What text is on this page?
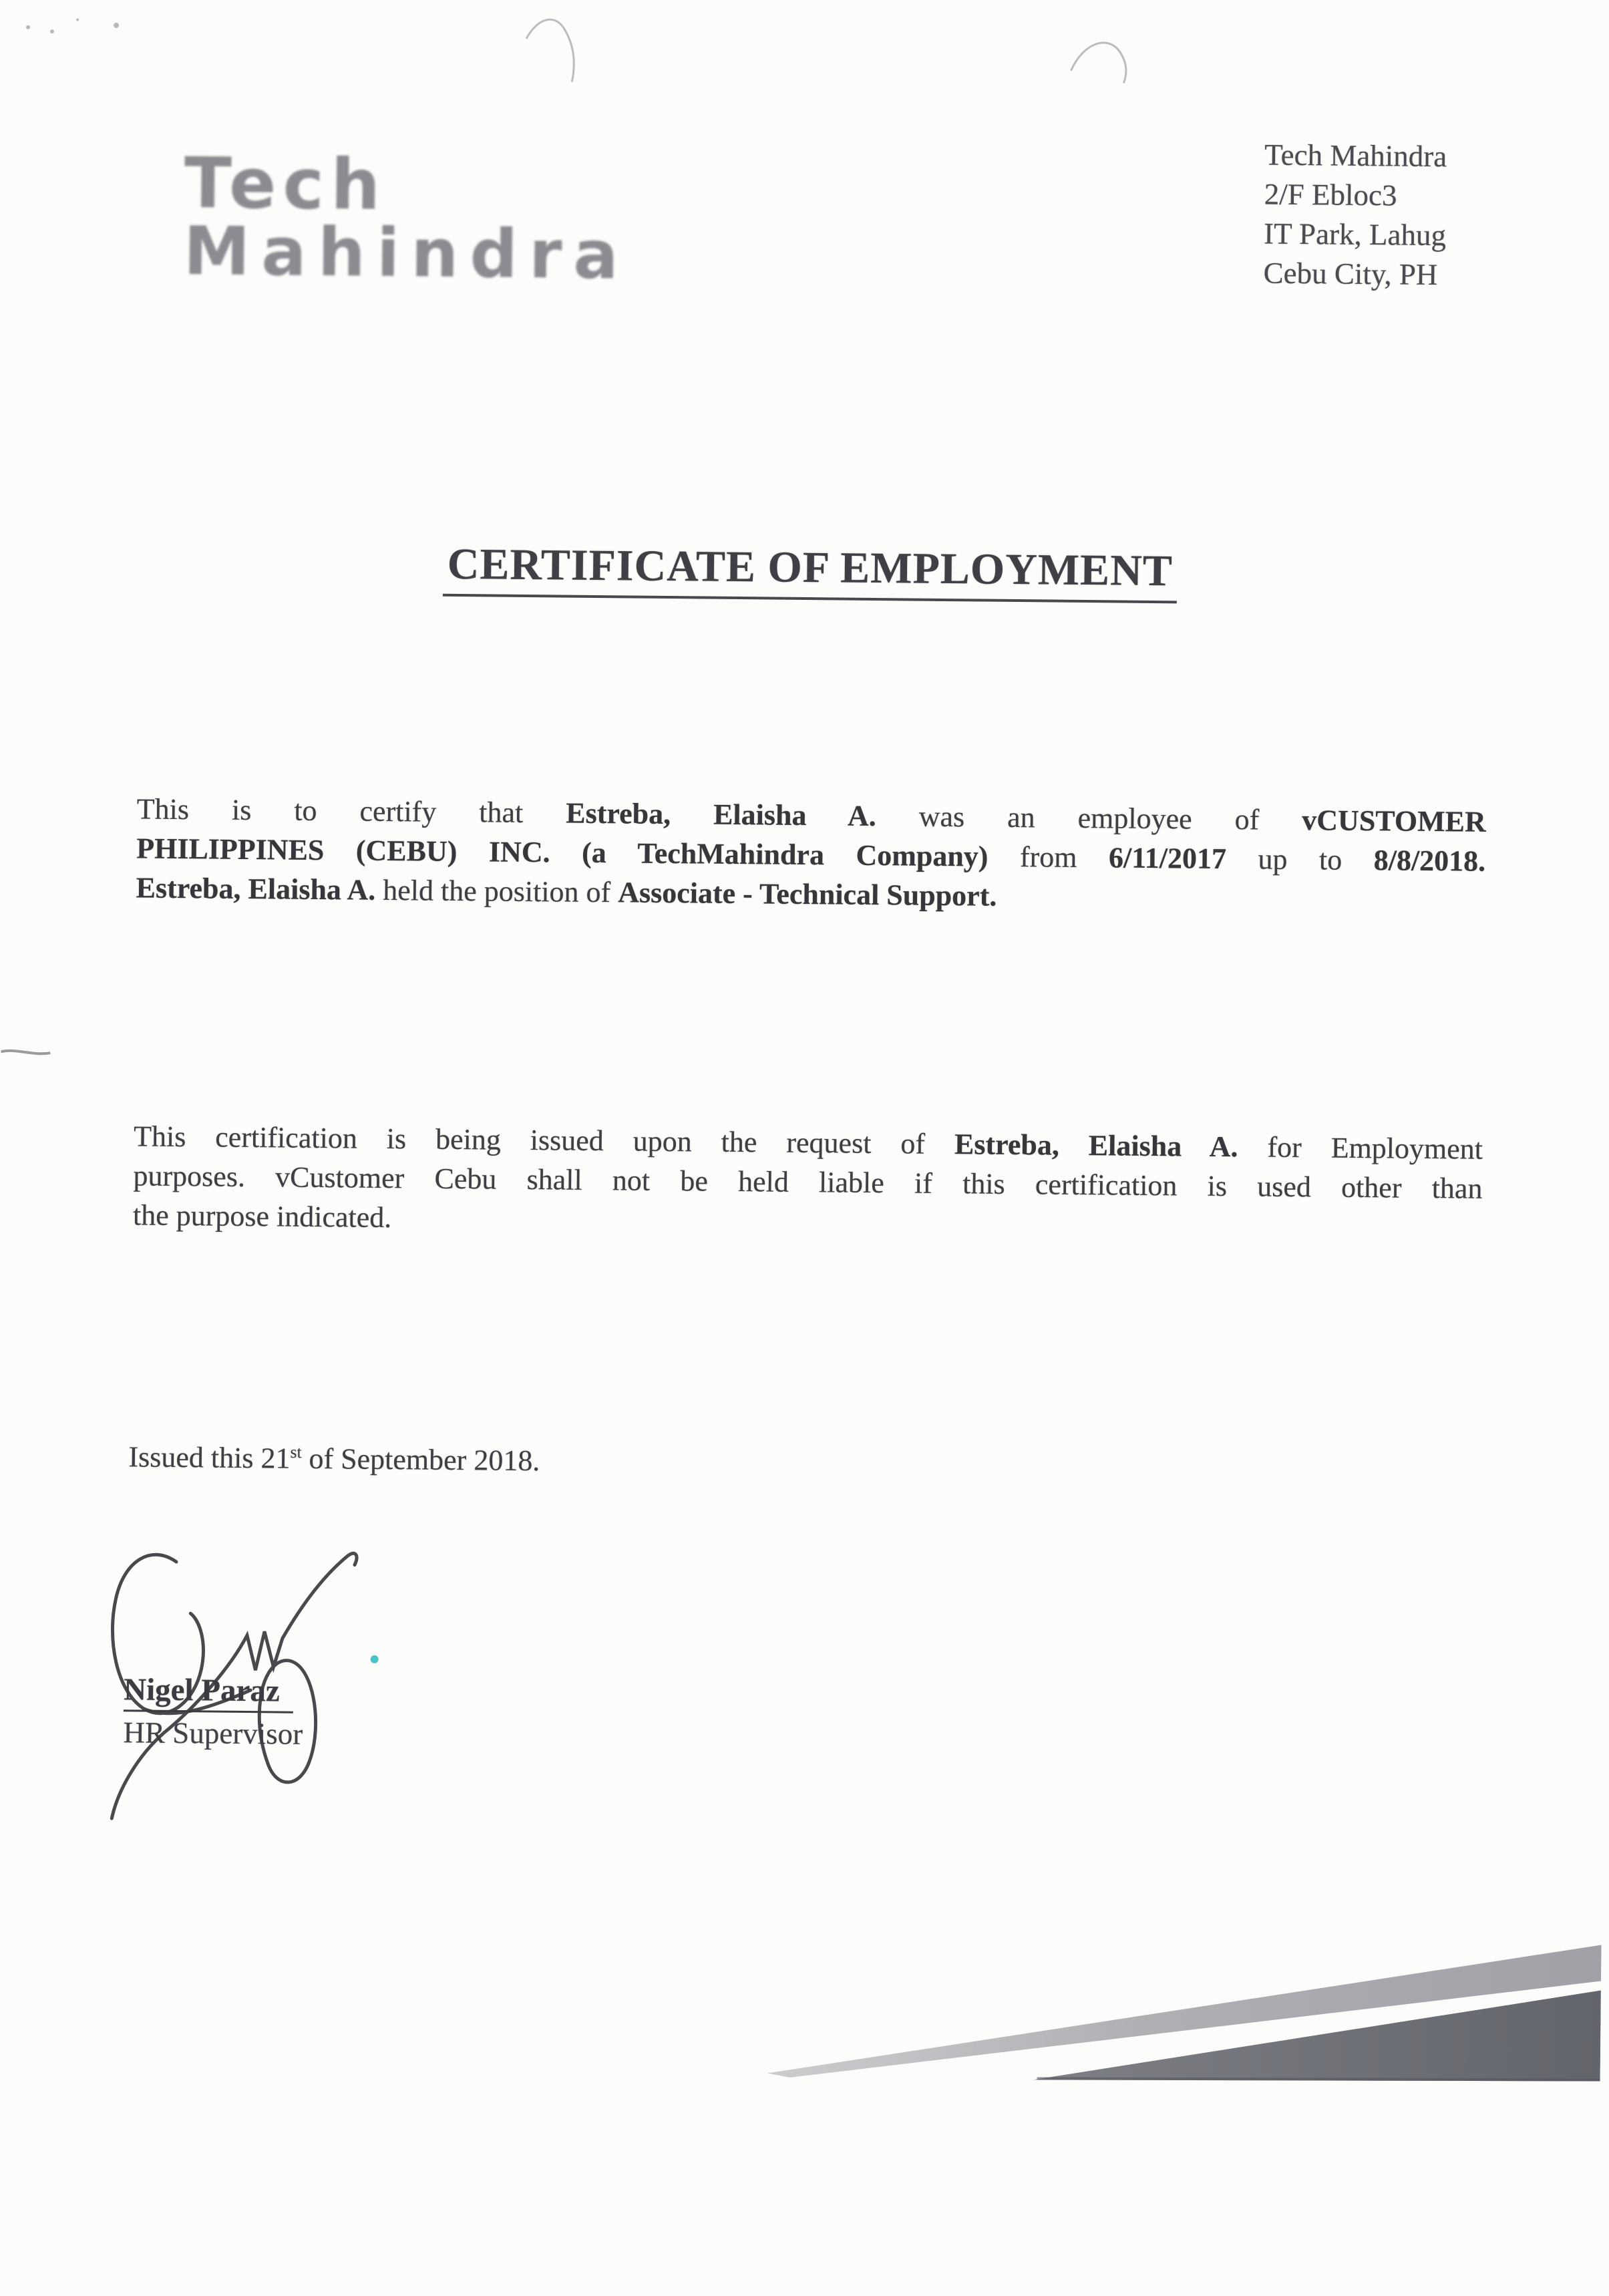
Tech
Mahindra
Tech Mahindra
2/F Ebloc3
IT Park, Lahug
Cebu City, PH
CERTIFICATE OF EMPLOYMENT
This is to certify that Estreba, Elaisha A. was an employee of vCUSTOMER
PHILIPPINES (CEBU) INC. (a TechMahindra Company) from 6/11/2017 up to 8/8/2018.
Estreba, Elaisha A. held the position of Associate - Technical Support.
This certification is being issued upon the request of Estreba, Elaisha A. for Employment
purposes. vCustomer Cebu shall not be held liable if this certification is used other than
the purpose indicated.
Issued this 21st of September 2018.
Nigel Paraz
HR Supervisor
